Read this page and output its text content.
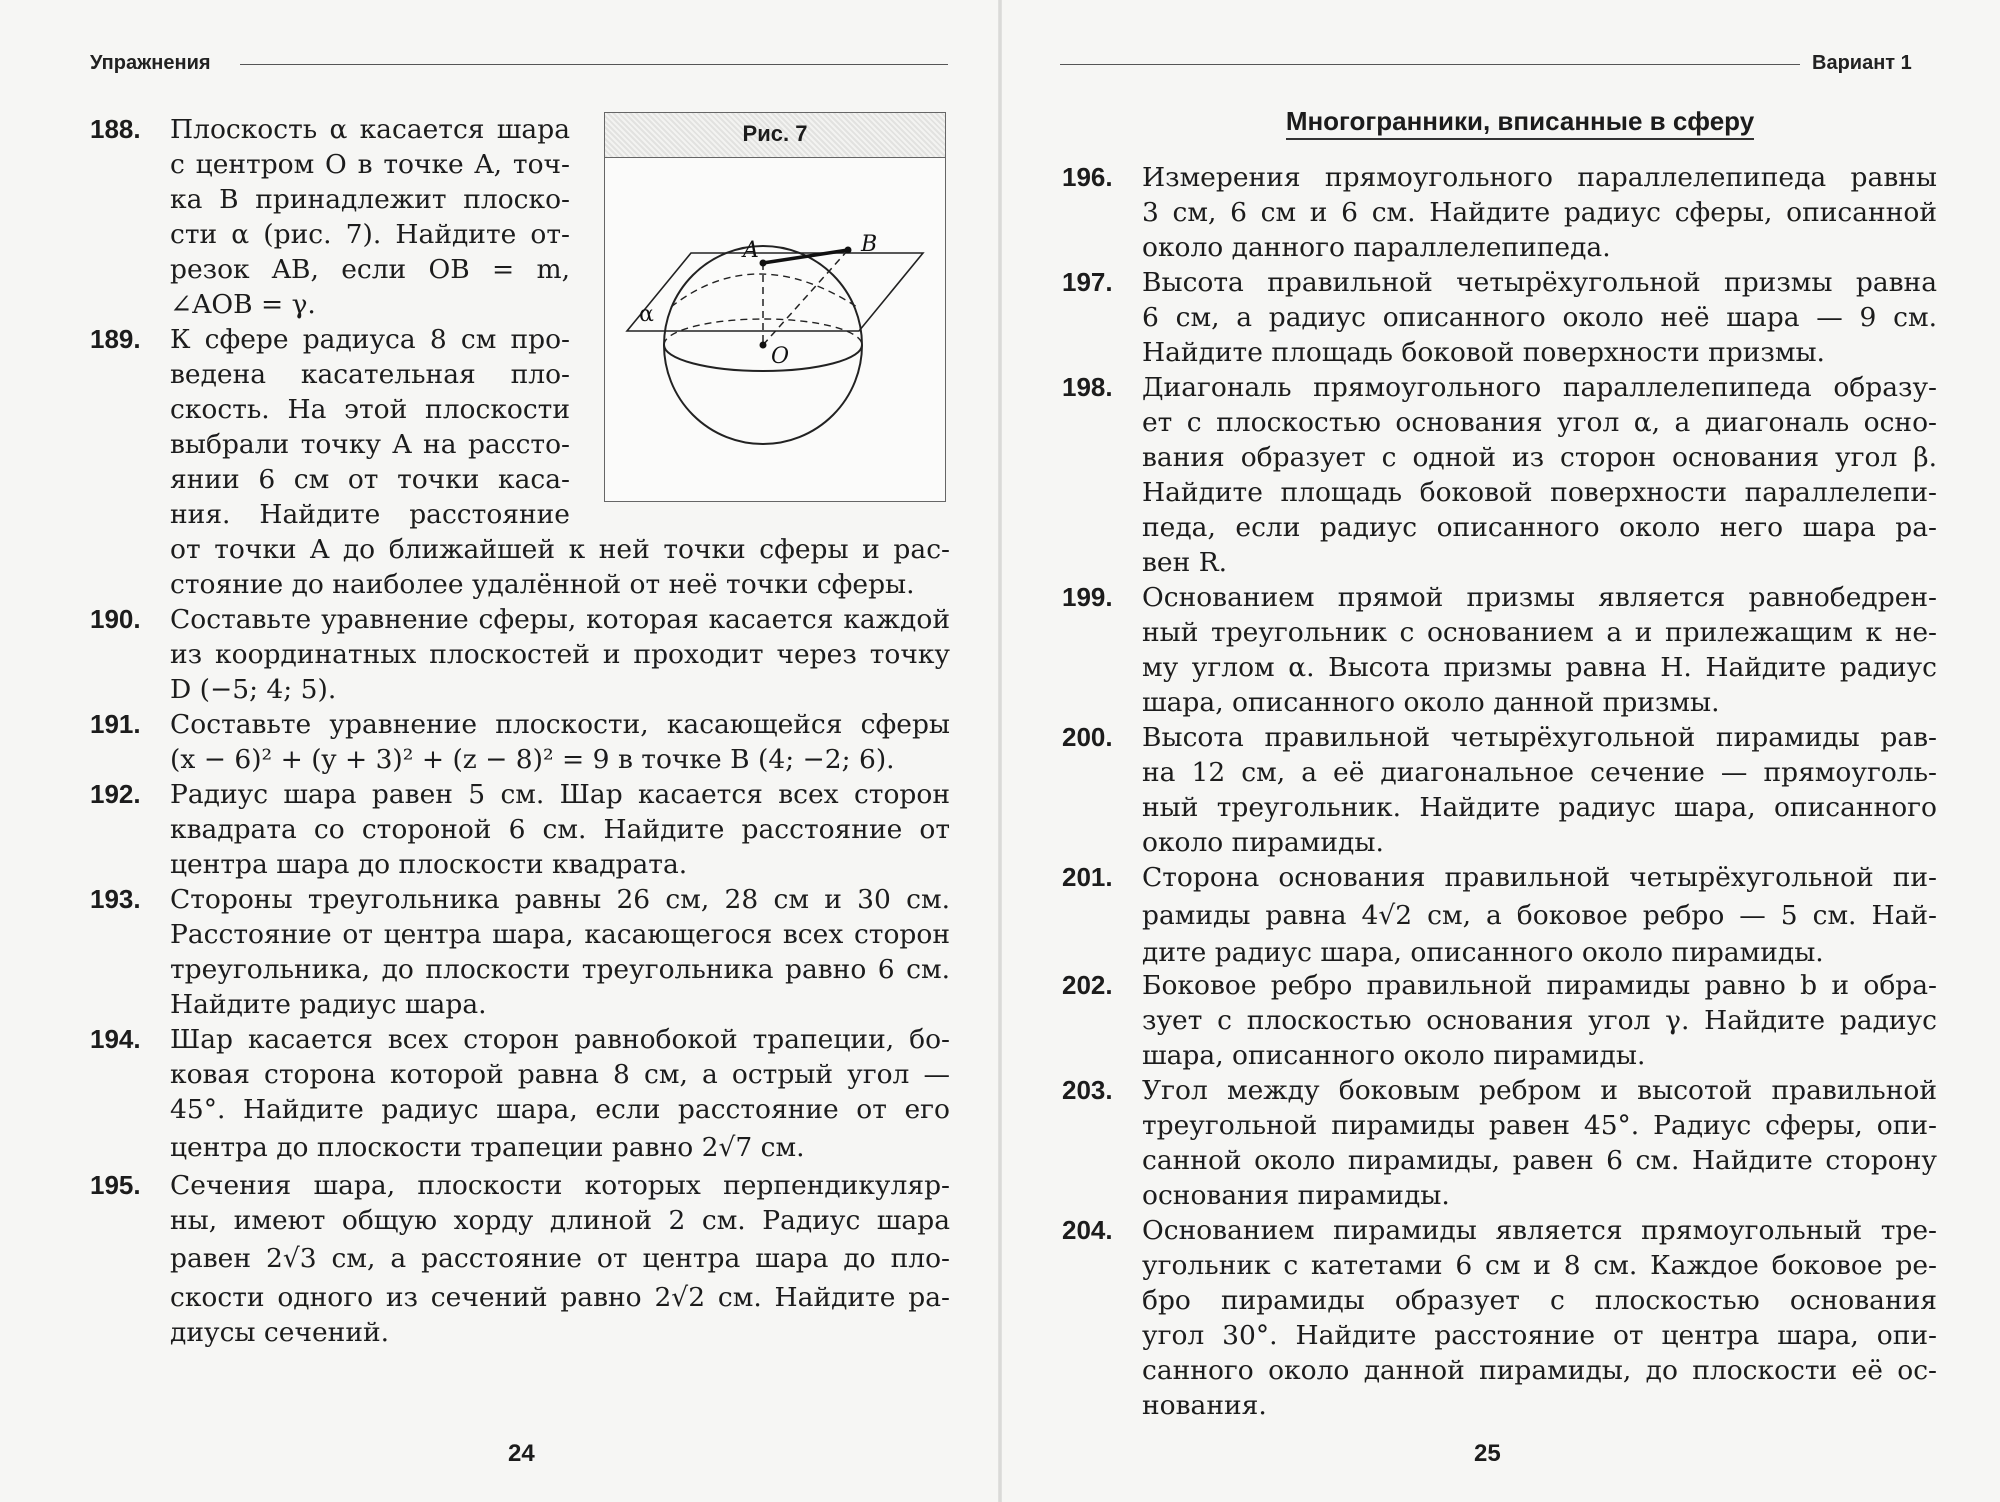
Упражнения
Рис. 7
A	B
α
O
188. Плоскость α касается шара
с центром O в точке A, точ-
ка B принадлежит плоско-
сти α (рис. 7). Найдите от-
резок AB, если OB = m,
∠AOB = γ.
189. К сфере радиуса 8 см про-
ведена касательная пло-
скость. На этой плоскости
выбрали точку A на рассто-
янии 6 см от точки каса-
ния. Найдите расстояние
от точки A до ближайшей к ней точки сферы и рас-
стояние до наиболее удалённой от неё точки сферы.
190. Составьте уравнение сферы, которая касается каждой
из координатных плоскостей и проходит через точку
D (−5; 4; 5).
191. Составьте уравнение плоскости, касающейся сферы
(x − 6)² + (y + 3)² + (z − 8)² = 9 в точке B (4; −2; 6).
192. Радиус шара равен 5 см. Шар касается всех сторон
квадрата со стороной 6 см. Найдите расстояние от
центра шара до плоскости квадрата.
193. Стороны треугольника равны 26 см, 28 см и 30 см.
Расстояние от центра шара, касающегося всех сторон
треугольника, до плоскости треугольника равно 6 см.
Найдите радиус шара.
194. Шар касается всех сторон равнобокой трапеции, бо-
ковая сторона которой равна 8 см, а острый угол —
45°. Найдите радиус шара, если расстояние от его
центра до плоскости трапеции равно 2√7 см.
195. Сечения шара, плоскости которых перпендикуляр-
ны, имеют общую хорду длиной 2 см. Радиус шара
равен 2√3 см, а расстояние от центра шара до пло-
скости одного из сечений равно 2√2 см. Найдите ра-
диусы сечений.
24
Вариант 1
Многогранники, вписанные в сферу
196. Измерения прямоугольного параллелепипеда равны
3 см, 6 см и 6 см. Найдите радиус сферы, описанной
около данного параллелепипеда.
197. Высота правильной четырёхугольной призмы равна
6 см, а радиус описанного около неё шара — 9 см.
Найдите площадь боковой поверхности призмы.
198. Диагональ прямоугольного параллелепипеда образу-
ет с плоскостью основания угол α, а диагональ осно-
вания образует с одной из сторон основания угол β.
Найдите площадь боковой поверхности параллелепи-
педа, если радиус описанного около него шара ра-
вен R.
199. Основанием прямой призмы является равнобедрен-
ный треугольник с основанием a и прилежащим к не-
му углом α. Высота призмы равна H. Найдите радиус
шара, описанного около данной призмы.
200. Высота правильной четырёхугольной пирамиды рав-
на 12 см, а её диагональное сечение — прямоуголь-
ный треугольник. Найдите радиус шара, описанного
около пирамиды.
201. Сторона основания правильной четырёхугольной пи-
рамиды равна 4√2 см, а боковое ребро — 5 см. Най-
дите радиус шара, описанного около пирамиды.
202. Боковое ребро правильной пирамиды равно b и обра-
зует с плоскостью основания угол γ. Найдите радиус
шара, описанного около пирамиды.
203. Угол между боковым ребром и высотой правильной
треугольной пирамиды равен 45°. Радиус сферы, опи-
санной около пирамиды, равен 6 см. Найдите сторону
основания пирамиды.
204. Основанием пирамиды является прямоугольный тре-
угольник с катетами 6 см и 8 см. Каждое боковое ре-
бро пирамиды образует с плоскостью основания
угол 30°. Найдите расстояние от центра шара, опи-
санного около данной пирамиды, до плоскости её ос-
нования.
25
